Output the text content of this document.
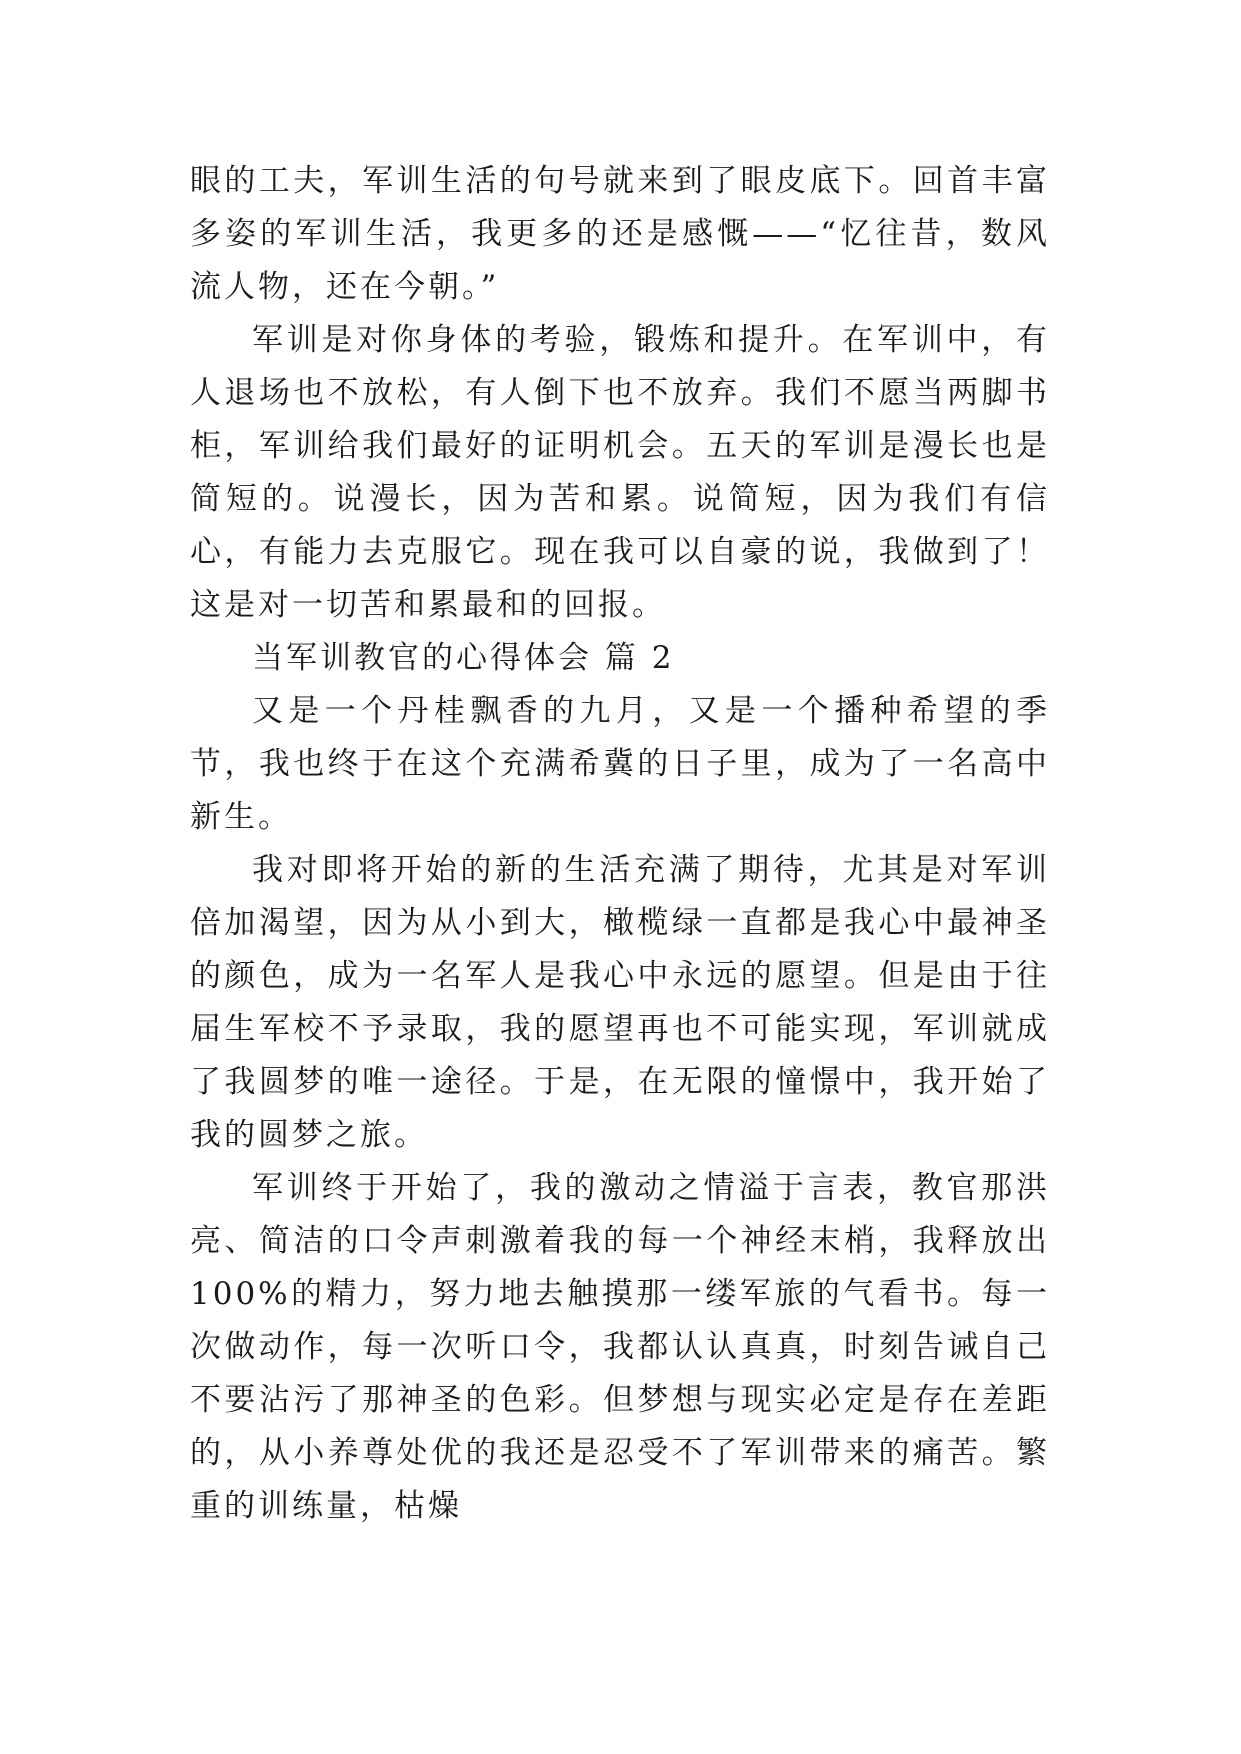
眼的工夫，军训生活的句号就来到了眼皮底下。回首丰富多姿的军训生活，我更多的还是感慨——“忆往昔，数风流人物，还在今朝。”

军训是对你身体的考验，锻炼和提升。在军训中，有人退场也不放松，有人倒下也不放弃。我们不愿当两脚书柜，军训给我们最好的证明机会。五天的军训是漫长也是简短的。说漫长，因为苦和累。说简短，因为我们有信心，有能力去克服它。现在我可以自豪的说，我做到了！这是对一切苦和累最和的回报。

当军训教官的心得体会 篇 2

又是一个丹桂飘香的九月，又是一个播种希望的季节，我也终于在这个充满希冀的日子里，成为了一名高中新生。

我对即将开始的新的生活充满了期待，尤其是对军训倍加渴望，因为从小到大，橄榄绿一直都是我心中最神圣的颜色，成为一名军人是我心中永远的愿望。但是由于往届生军校不予录取，我的愿望再也不可能实现，军训就成了我圆梦的唯一途径。于是，在无限的憧憬中，我开始了我的圆梦之旅。

军训终于开始了，我的激动之情溢于言表，教官那洪亮、简洁的口令声刺激着我的每一个神经末梢，我释放出 100%的精力，努力地去触摸那一缕军旅的气看书。每一次做动作，每一次听口令，我都认认真真，时刻告诫自己不要沾污了那神圣的色彩。但梦想与现实必定是存在差距的，从小养尊处优的我还是忍受不了军训带来的痛苦。繁重的训练量，枯燥
